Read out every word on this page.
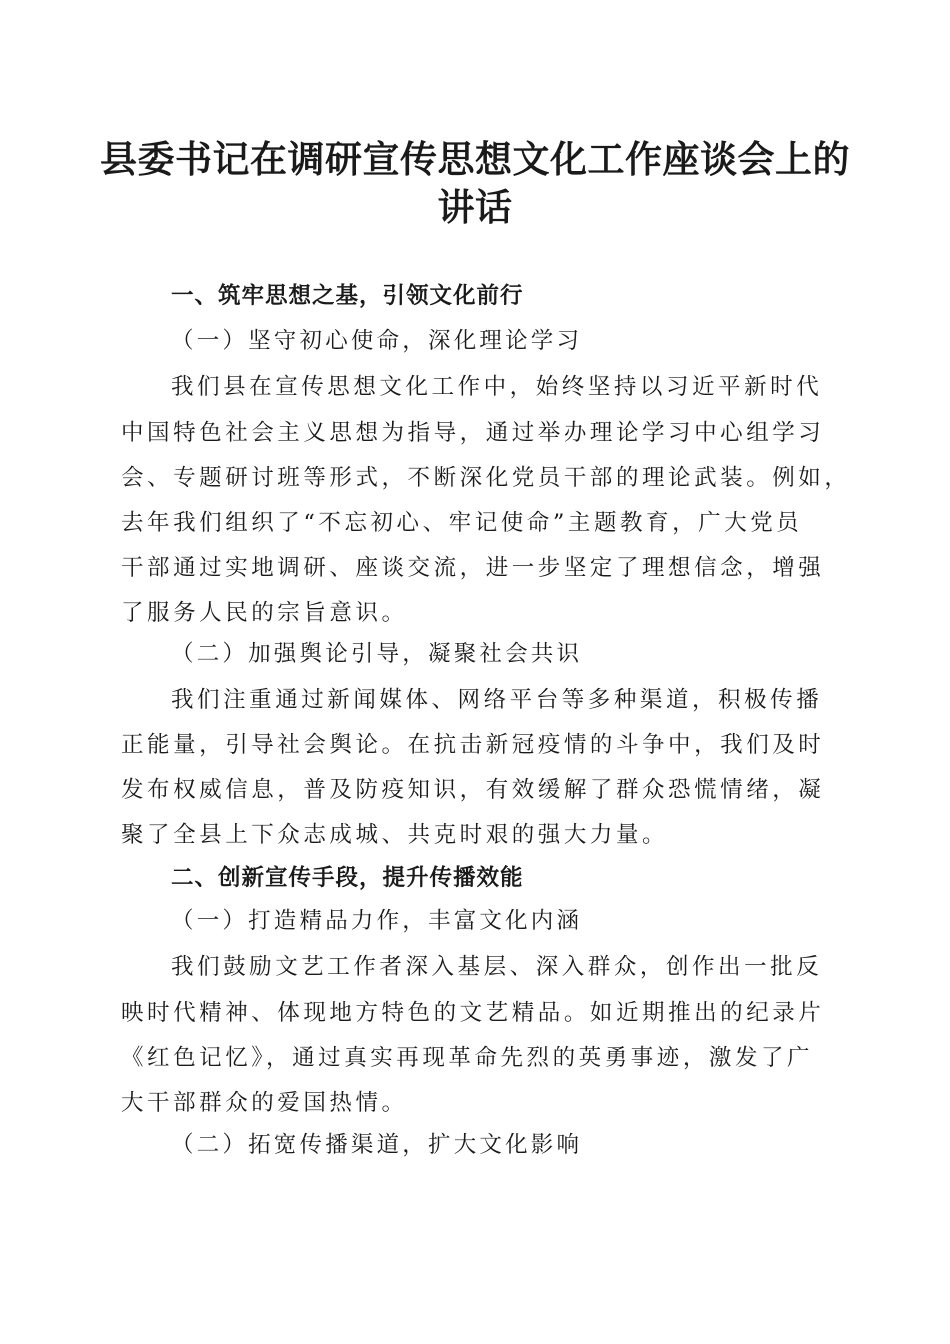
县委书记在调研宣传思想文化工作座谈会上的
讲话
一、筑牢思想之基，引领文化前行
（一）坚守初心使命，深化理论学习
我们县在宣传思想文化工作中，始终坚持以习近平新时代
中国特色社会主义思想为指导，通过举办理论学习中心组学习
会、专题研讨班等形式，不断深化党员干部的理论武装。例如，
去年我们组织了“不忘初心、牢记使命”主题教育，广大党员
干部通过实地调研、座谈交流，进一步坚定了理想信念，增强
了服务人民的宗旨意识。
（二）加强舆论引导，凝聚社会共识
我们注重通过新闻媒体、网络平台等多种渠道，积极传播
正能量，引导社会舆论。在抗击新冠疫情的斗争中，我们及时
发布权威信息，普及防疫知识，有效缓解了群众恐慌情绪，凝
聚了全县上下众志成城、共克时艰的强大力量。
二、创新宣传手段，提升传播效能
（一）打造精品力作，丰富文化内涵
我们鼓励文艺工作者深入基层、深入群众，创作出一批反
映时代精神、体现地方特色的文艺精品。如近期推出的纪录片
《红色记忆》，通过真实再现革命先烈的英勇事迹，激发了广
大干部群众的爱国热情。
（二）拓宽传播渠道，扩大文化影响
